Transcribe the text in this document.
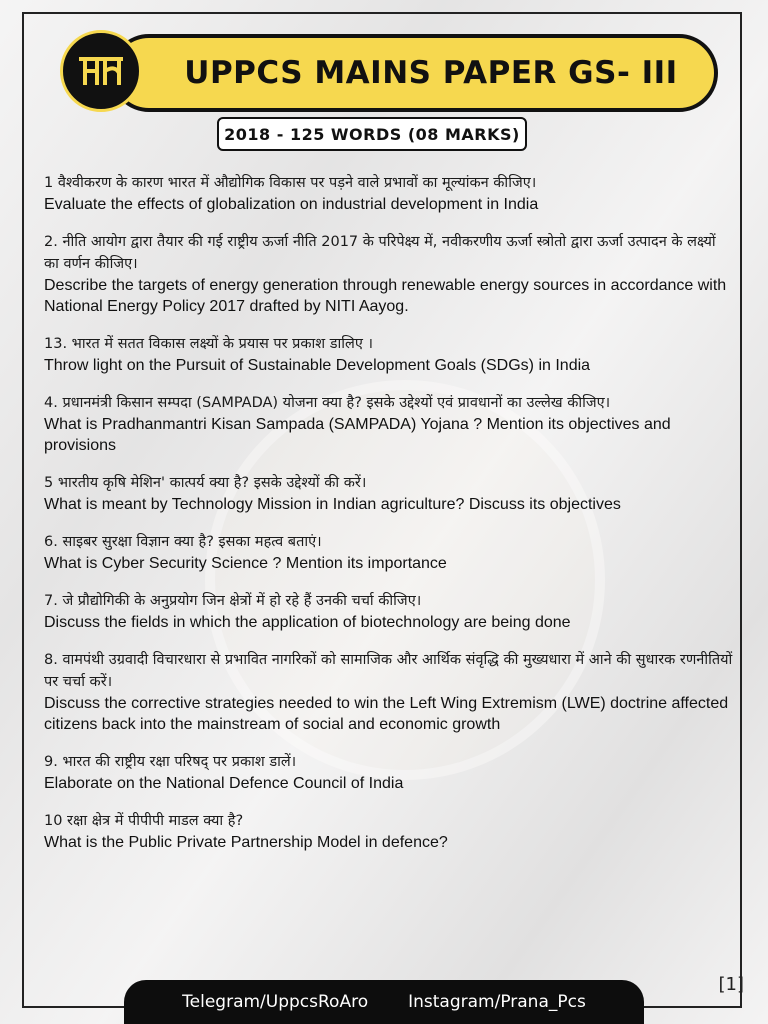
UPPCS MAINS PAPER GS- III
2018 - 125 WORDS (08 MARKS)
1 वैश्वीकरण के कारण भारत में औद्योगिक विकास पर पड़ने वाले प्रभावों का मूल्यांकन कीजिए।
Evaluate the effects of globalization on industrial development in India
2. नीति आयोग द्वारा तैयार की गई राष्ट्रीय ऊर्जा नीति 2017 के परिपेक्ष्य में, नवीकरणीय ऊर्जा स्त्रोतो द्वारा ऊर्जा उत्पादन के लक्ष्यों का वर्णन कीजिए।
Describe the targets of energy generation through renewable energy sources in accordance with National Energy Policy 2017 drafted by NITI Aayog.
13. भारत में सतत विकास लक्ष्यों के प्रयास पर प्रकाश डालिए ।
Throw light on the Pursuit of Sustainable Development Goals (SDGs) in India
4. प्रधानमंत्री किसान सम्पदा (SAMPADA) योजना क्या है? इसके उद्देश्यों एवं प्रावधानों का उल्लेख कीजिए।
What is Pradhanmantri Kisan Sampada (SAMPADA) Yojana ? Mention its objectives and provisions
5 भारतीय कृषि मेशिन' कात्पर्य क्या है? इसके उद्देश्यों की करें।
What is meant by Technology Mission in Indian agriculture? Discuss its objectives
6. साइबर सुरक्षा विज्ञान क्या है? इसका महत्व बताएं।
What is Cyber Security Science ? Mention its importance
7. जे प्रौद्योगिकी के अनुप्रयोग जिन क्षेत्रों में हो रहे हैं उनकी चर्चा कीजिए।
Discuss the fields in which the application of biotechnology are being done
8. वामपंथी उग्रवादी विचारधारा से प्रभावित नागरिकों को सामाजिक और आर्थिक संवृद्धि की मुख्यधारा में आने की सुधारक रणनीतियों पर चर्चा करें।
Discuss the corrective strategies needed to win the Left Wing Extremism (LWE) doctrine affected citizens back into the mainstream of social and economic growth
9. भारत की राष्ट्रीय रक्षा परिषद् पर प्रकाश डालें।
Elaborate on the National Defence Council of India
10 रक्षा क्षेत्र में पीपीपी माडल क्या है?
What is the Public Private Partnership Model in defence?
[1]
Telegram/UppcsRoAro Instagram/Prana_Pcs
